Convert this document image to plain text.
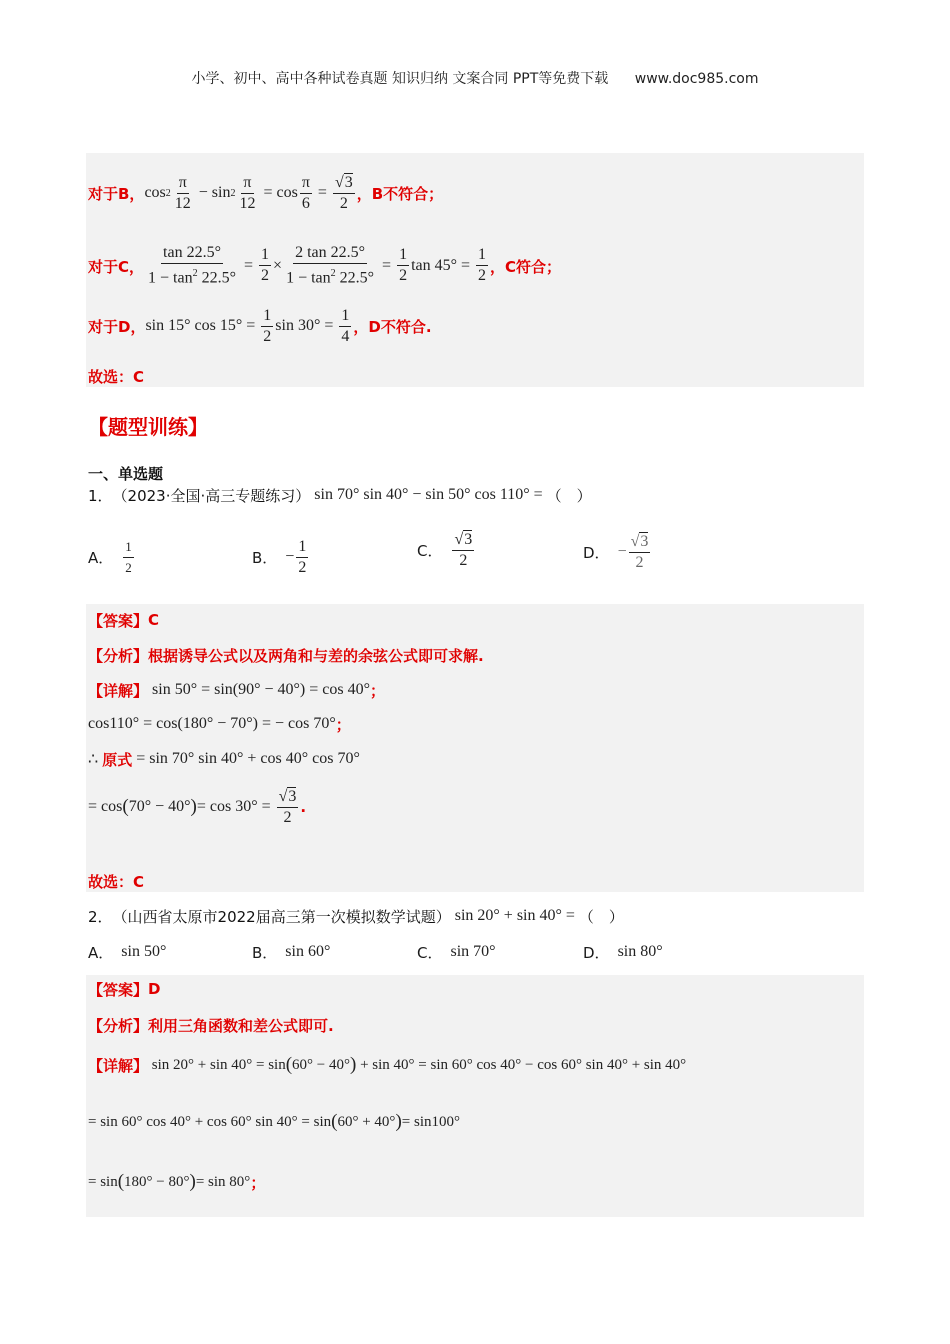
小学、初中、高中各种试卷真题 知识归纳 文案合同 PPT等免费下载 www.doc985.com
对于B， $\cos 2 \frac{\pi}{12} - \sin 2 \frac{\pi}{12} = \cos \frac{\pi}{6} = \frac{√3}{2}$ ，B不符合；
对于C， $\frac{\tan 22.5^\circ}{1 - \tan^2 22.5^\circ} = \frac{1}{2} \times \frac{2 \tan 22.5^\circ}{1 - \tan^2 22.5^\circ} = \frac{1}{2}$ $\tan 45^\circ = \frac{1}{2}$ ，C符合；
对于D， sin 15° $\cos 15^\circ = \frac{1}{2}$ $\sin 30^\circ = \frac{1}{4}$ ，D不符合.
故选：C
【题型训练】
一、单选题
1． （2023·全国·高三专题练习） sin 70° sin 40° − sin 50° cos 110° = （　）
A． $\frac{1}{2}$	B． − $\frac{1}{2}$	C． $\frac{√3}{2}$	D． − $\frac{√3}{2}$
【答案】 C
【分析】 根据诱导公式以及两角和与差的余弦公式即可求解.
【详解】 sin 50° = sin(90° − 40°) = cos 40° ；
cos110° = cos(180° − 70°) = − cos 70° ；
∴ 原式 = sin 70° sin 40° + cos 40° cos 70°
= cos ( 70° − 40° ) = $\cos 30^\circ = \frac{√3}{2}$ .
故选：C
2． （山西省太原市2022届高三第一次模拟数学试题） sin 20° + sin 40° = （　）
A． sin 50°	B． sin 60°	C． sin 70°	D． sin 80°
【答案】 D
【分析】 利用三角函数和差公式即可.
【详解】 sin 20° + sin 40° = sin ( 60° − 40° ) + sin 40° = sin 60° cos 40° − cos 60° sin 40° + sin 40°
= sin 60° cos 40° + cos 60° sin 40° = sin ( 60° + 40° ) = sin100°
= sin ( 180° − 80° ) = sin 80° ；
